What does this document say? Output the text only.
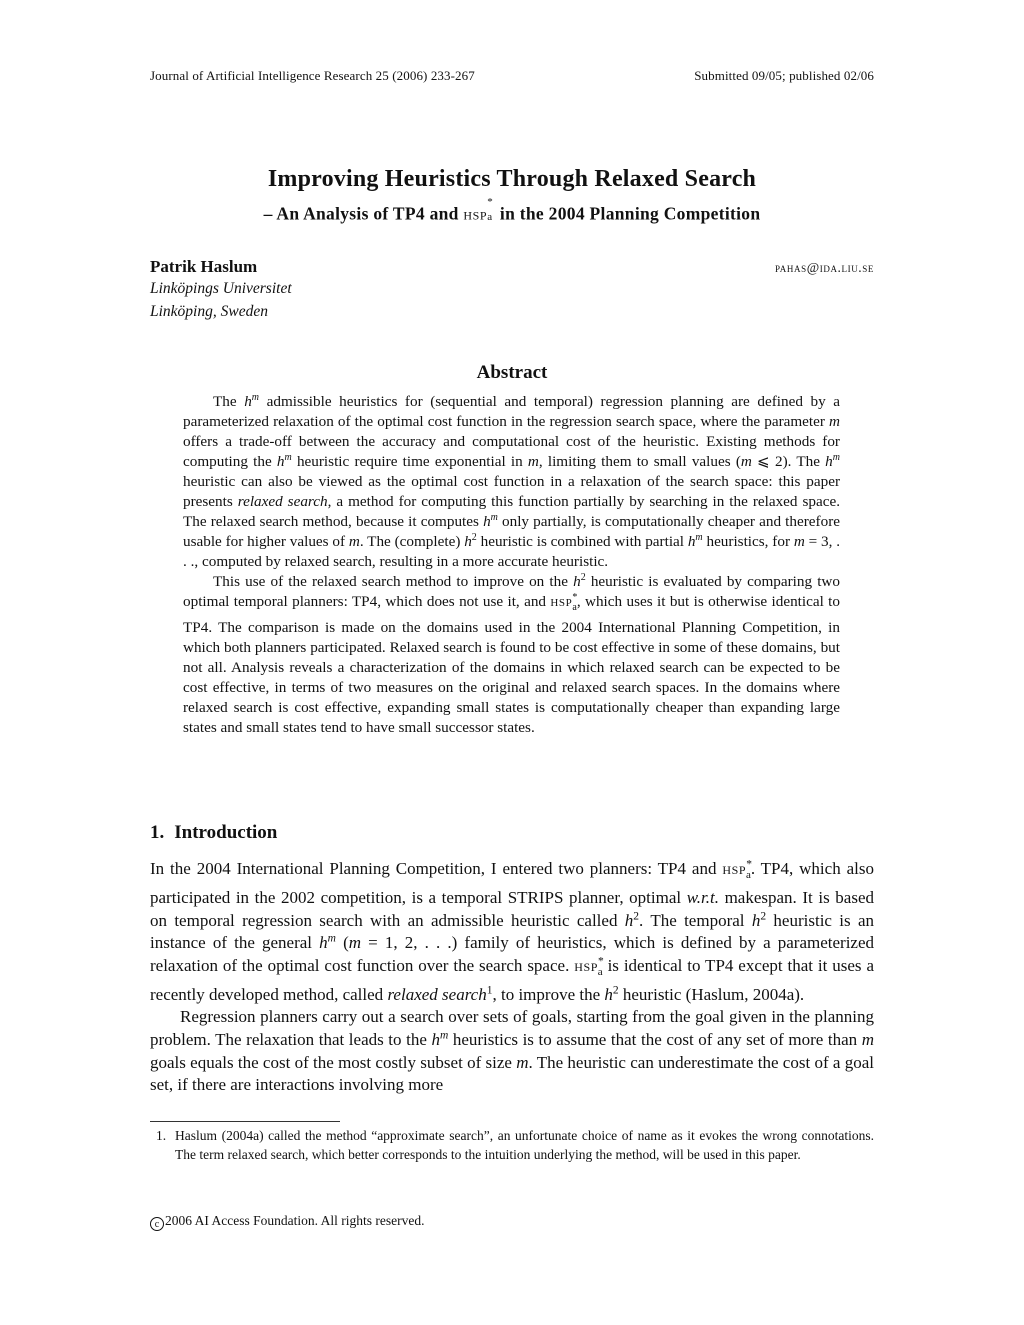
Journal of Artificial Intelligence Research 25 (2006) 233-267	Submitted 09/05; published 02/06
Improving Heuristics Through Relaxed Search
– An Analysis of TP4 and hsp
*
a in the 2004 Planning Competition
Patrik Haslum	pahas@ida.liu.se
Linköpings Universitet
Linköping, Sweden
Abstract

The $h^m$ admissible heuristics for (sequential and temporal) regression planning are defined by a parameterized relaxation of the optimal cost function in the regression search space, where the parameter m offers a trade-off between the accuracy and computational cost of the heuristic. Existing methods for computing the $h^m$ heuristic require time exponential in m, limiting them to small values (m ⩽ 2). The $h^m$ heuristic can also be viewed as the optimal cost function in a relaxation of the search space: this paper presents relaxed search, a method for computing this function partially by searching in the relaxed space. The relaxed search method, because it computes $h^m$ only partially, is computationally cheaper and therefore usable for higher values of m. The (complete) $h^2$ heuristic is combined with partial $h^m$ heuristics, for m = 3, . . ., computed by relaxed search, resulting in a more accurate heuristic.

This use of the relaxed search method to improve on the $h^2$ heuristic is evaluated by comparing two optimal temporal planners: TP4, which does not use it, and hsp*$_a$, which uses it but is otherwise identical to TP4. The comparison is made on the domains used in the 2004 International Planning Competition, in which both planners participated. Relaxed search is found to be cost effective in some of these domains, but not all. Analysis reveals a characterization of the domains in which relaxed search can be expected to be cost effective, in terms of two measures on the original and relaxed search spaces. In the domains where relaxed search is cost effective, expanding small states is computationally cheaper than expanding large states and small states tend to have small successor states.

1. Introduction

In the 2004 International Planning Competition, I entered two planners: TP4 and hsp*$_a$. TP4, which also participated in the 2002 competition, is a temporal STRIPS planner, optimal w.r.t. makespan. It is based on temporal regression search with an admissible heuristic called $h^2$. The temporal $h^2$ heuristic is an instance of the general $h^m$ (m = 1, 2, . . .) family of heuristics, which is defined by a parameterized relaxation of the optimal cost function over the search space. hsp*$_a$ is identical to TP4 except that it uses a recently developed method, called relaxed search$^1$, to improve the $h^2$ heuristic (Haslum, 2004a).

Regression planners carry out a search over sets of goals, starting from the goal given in the planning problem. The relaxation that leads to the $h^m$ heuristics is to assume that the cost of any set of more than m goals equals the cost of the most costly subset of size m. The heuristic can underestimate the cost of a goal set, if there are interactions involving more

1. Haslum (2004a) called the method “approximate search”, an unfortunate choice of name as it evokes the wrong connotations. The term relaxed search, which better corresponds to the intuition underlying the method, will be used in this paper.
c 2006 AI Access Foundation. All rights reserved.
